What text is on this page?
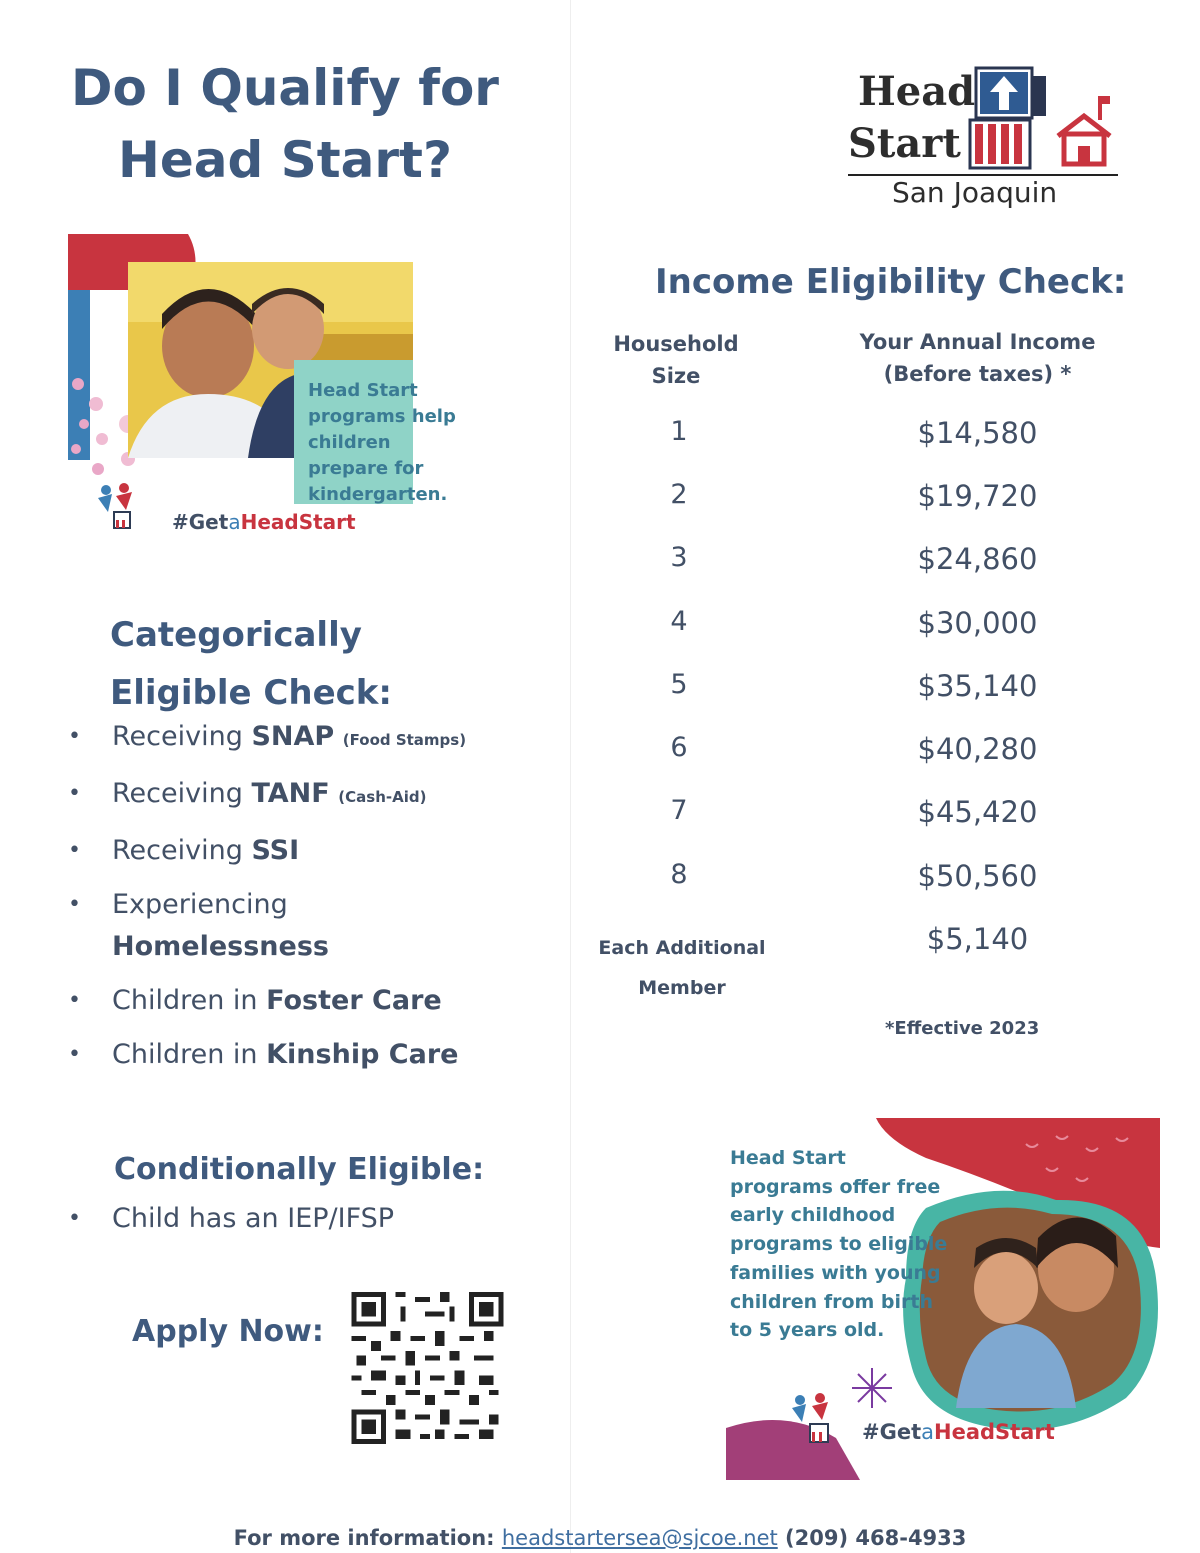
Do I Qualify for Head Start?
Head Start programs help children prepare for kindergarten.
#GetaHeadStart
Categorically Eligible Check:
• Receiving SNAP (Food Stamps)
• Receiving TANF (Cash-Aid)
• Receiving SSI
• Experiencing
Homelessness
• Children in Foster Care
• Children in Kinship Care
Conditionally Eligible:
• Child has an IEP/IFSP
Apply Now:
Head
Start
San Joaquin
Income Eligibility Check:
Household Size
Your Annual Income (Before taxes) *
1	$14,580
2	$19,720
3	$24,860
4	$30,000
5	$35,140
6	$40,280
7	$45,420
8	$50,560
Each Additional Member
$5,140
*Effective 2023
#GetaHeadStart
Head Start programs offer free early childhood programs to eligible families with young children from birth to 5 years old.
For more information: headstartersea@sjcoe.net (209) 468-4933
